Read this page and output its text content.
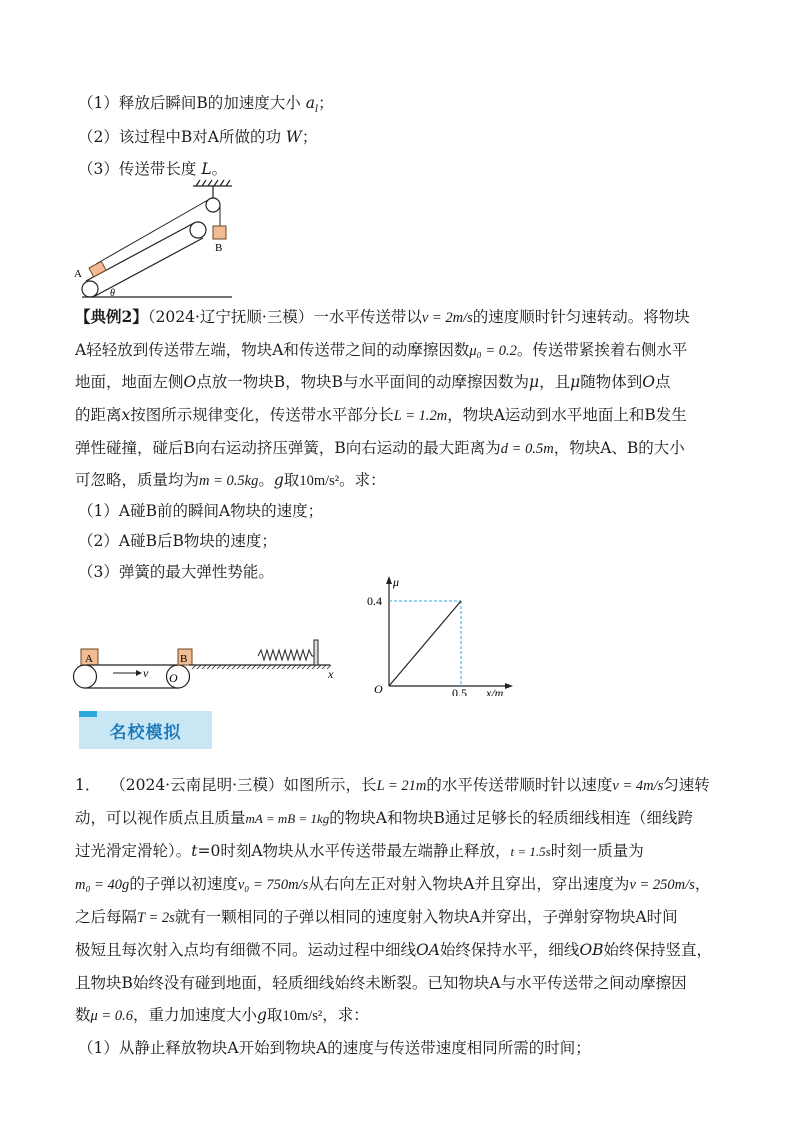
（1）释放后瞬间B的加速度大小 $a_l$；
（2）该过程中B对A所做的功 W；
（3）传送带长度 L。
B
A
θ
【典例2】（2024·辽宁抚顺·三模）一水平传送带以v = 2m/s的速度顺时针匀速转动。将物块
A轻轻放到传送带左端，物块A和传送带之间的动摩擦因数μ₀ = 0.2。传送带紧挨着右侧水平
地面，地面左侧O点放一物块B，物块B与水平面间的动摩擦因数为μ，且μ随物体到O点
的距离x按图所示规律变化，传送带水平部分长L = 1.2m，物块A运动到水平地面上和B发生
弹性碰撞，碰后B向右运动挤压弹簧，B向右运动的最大距离为d = 0.5m，物块A、B的大小
可忽略，质量均为m = 0.5kg。g取10m/s²。求：
（1）A碰B前的瞬间A物块的速度；
（2）A碰B后B物块的速度；
（3）弹簧的最大弹性势能。
A
v
B
O	x
μ
x/m
O
0.4
0.5
名校模拟
1． （2024·云南昆明·三模）如图所示，长L = 21m的水平传送带顺时针以速度v = 4m/s匀速转
动，可以视作质点且质量mA = mB = 1kg的物块A和物块B通过足够长的轻质细线相连（细线跨
过光滑定滑轮）。t=0时刻A物块从水平传送带最左端静止释放，t = 1.5s时刻一质量为
m₀ = 40g的子弹以初速度v₀ = 750m/s从右向左正对射入物块A并且穿出，穿出速度为v = 250m/s，
之后每隔T = 2s就有一颗相同的子弹以相同的速度射入物块A并穿出，子弹射穿物块A时间
极短且每次射入点均有细微不同。运动过程中细线OA始终保持水平，细线OB始终保持竖直，
且物块B始终没有碰到地面，轻质细线始终未断裂。已知物块A与水平传送带之间动摩擦因
数μ = 0.6，重力加速度大小g取10m/s²，求：
（1）从静止释放物块A开始到物块A的速度与传送带速度相同所需的时间；
